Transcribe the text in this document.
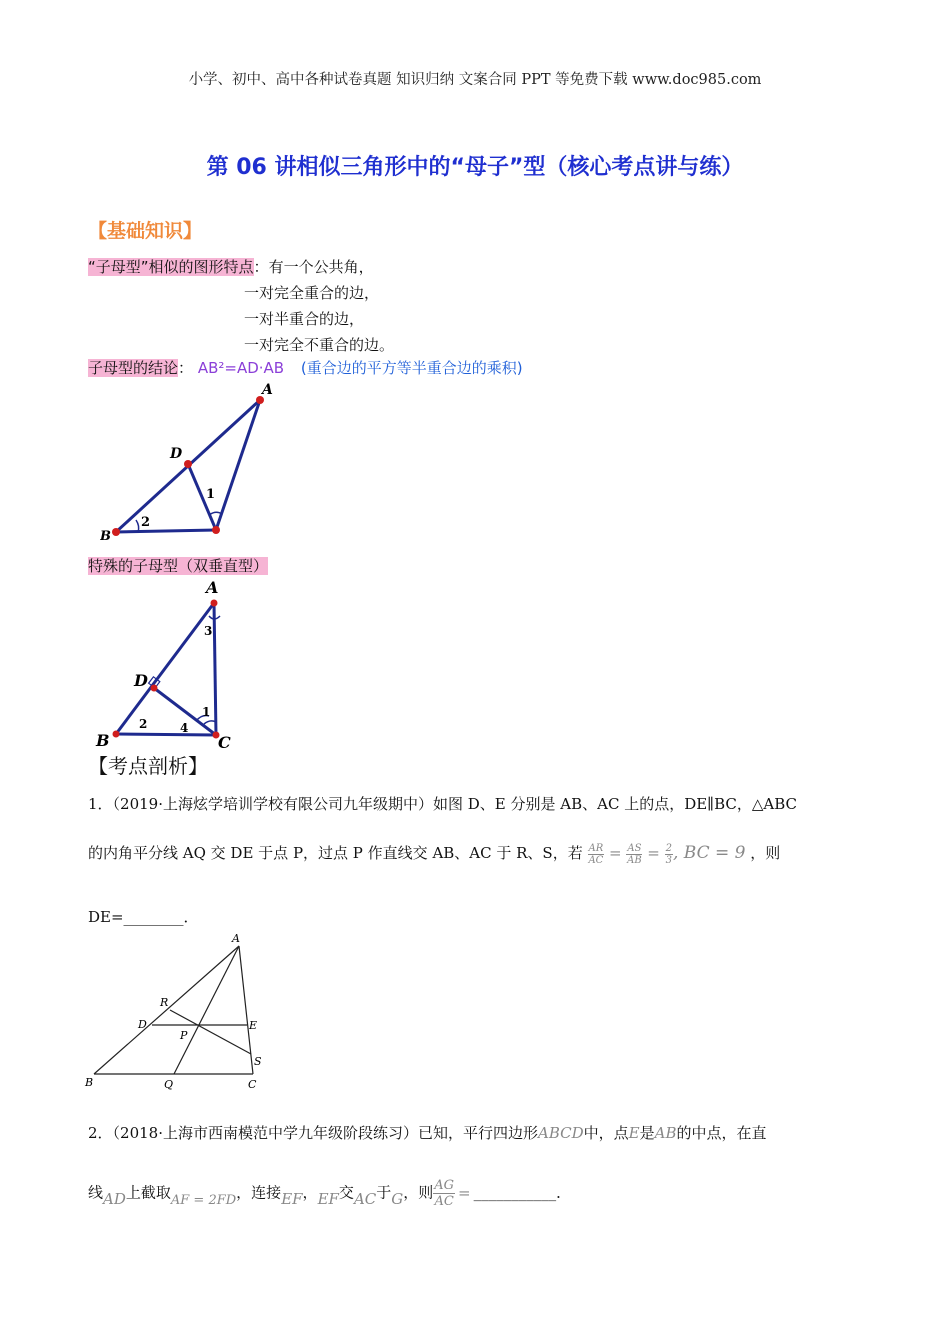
小学、初中、高中各种试卷真题 知识归纳 文案合同 PPT 等免费下载 www.doc985.com
第 06 讲相似三角形中的“母子”型（核心考点讲与练）
【基础知识】
“子母型”相似的图形特点：有一个公共角，
一对完全重合的边，
一对半重合的边，
一对完全不重合的边。
子母型的结论： AB²=AD·AB (重合边的平方等半重合边的乘积)
A
D
B
1
2
特殊的子母型（双垂直型）
A
D
B	C
3
2	4
1
【考点剖析】
1．（2019·上海炫学培训学校有限公司九年级期中）如图 D、E 分别是 AB、AC 上的点，DE∥BC，△ABC
的内角平分线 AQ 交 DE 于点 P，过点 P 作直线交 AB、AC 于 R、S，若 $\frac{AR}{AC} = \frac{AS}{AB} = \frac{2}{3}$ , BC = 9 ，则
DE=________．
A
R
D	E
P
S
B	Q	C
2．（2018·上海市西南模范中学九年级阶段练习）已知，平行四边形ABCD中，点E是AB的中点，在直
线AD上截取AF = 2FD，连接EF，EF交AC于G，则 $\frac{AG}{AC}$ = ___________．
